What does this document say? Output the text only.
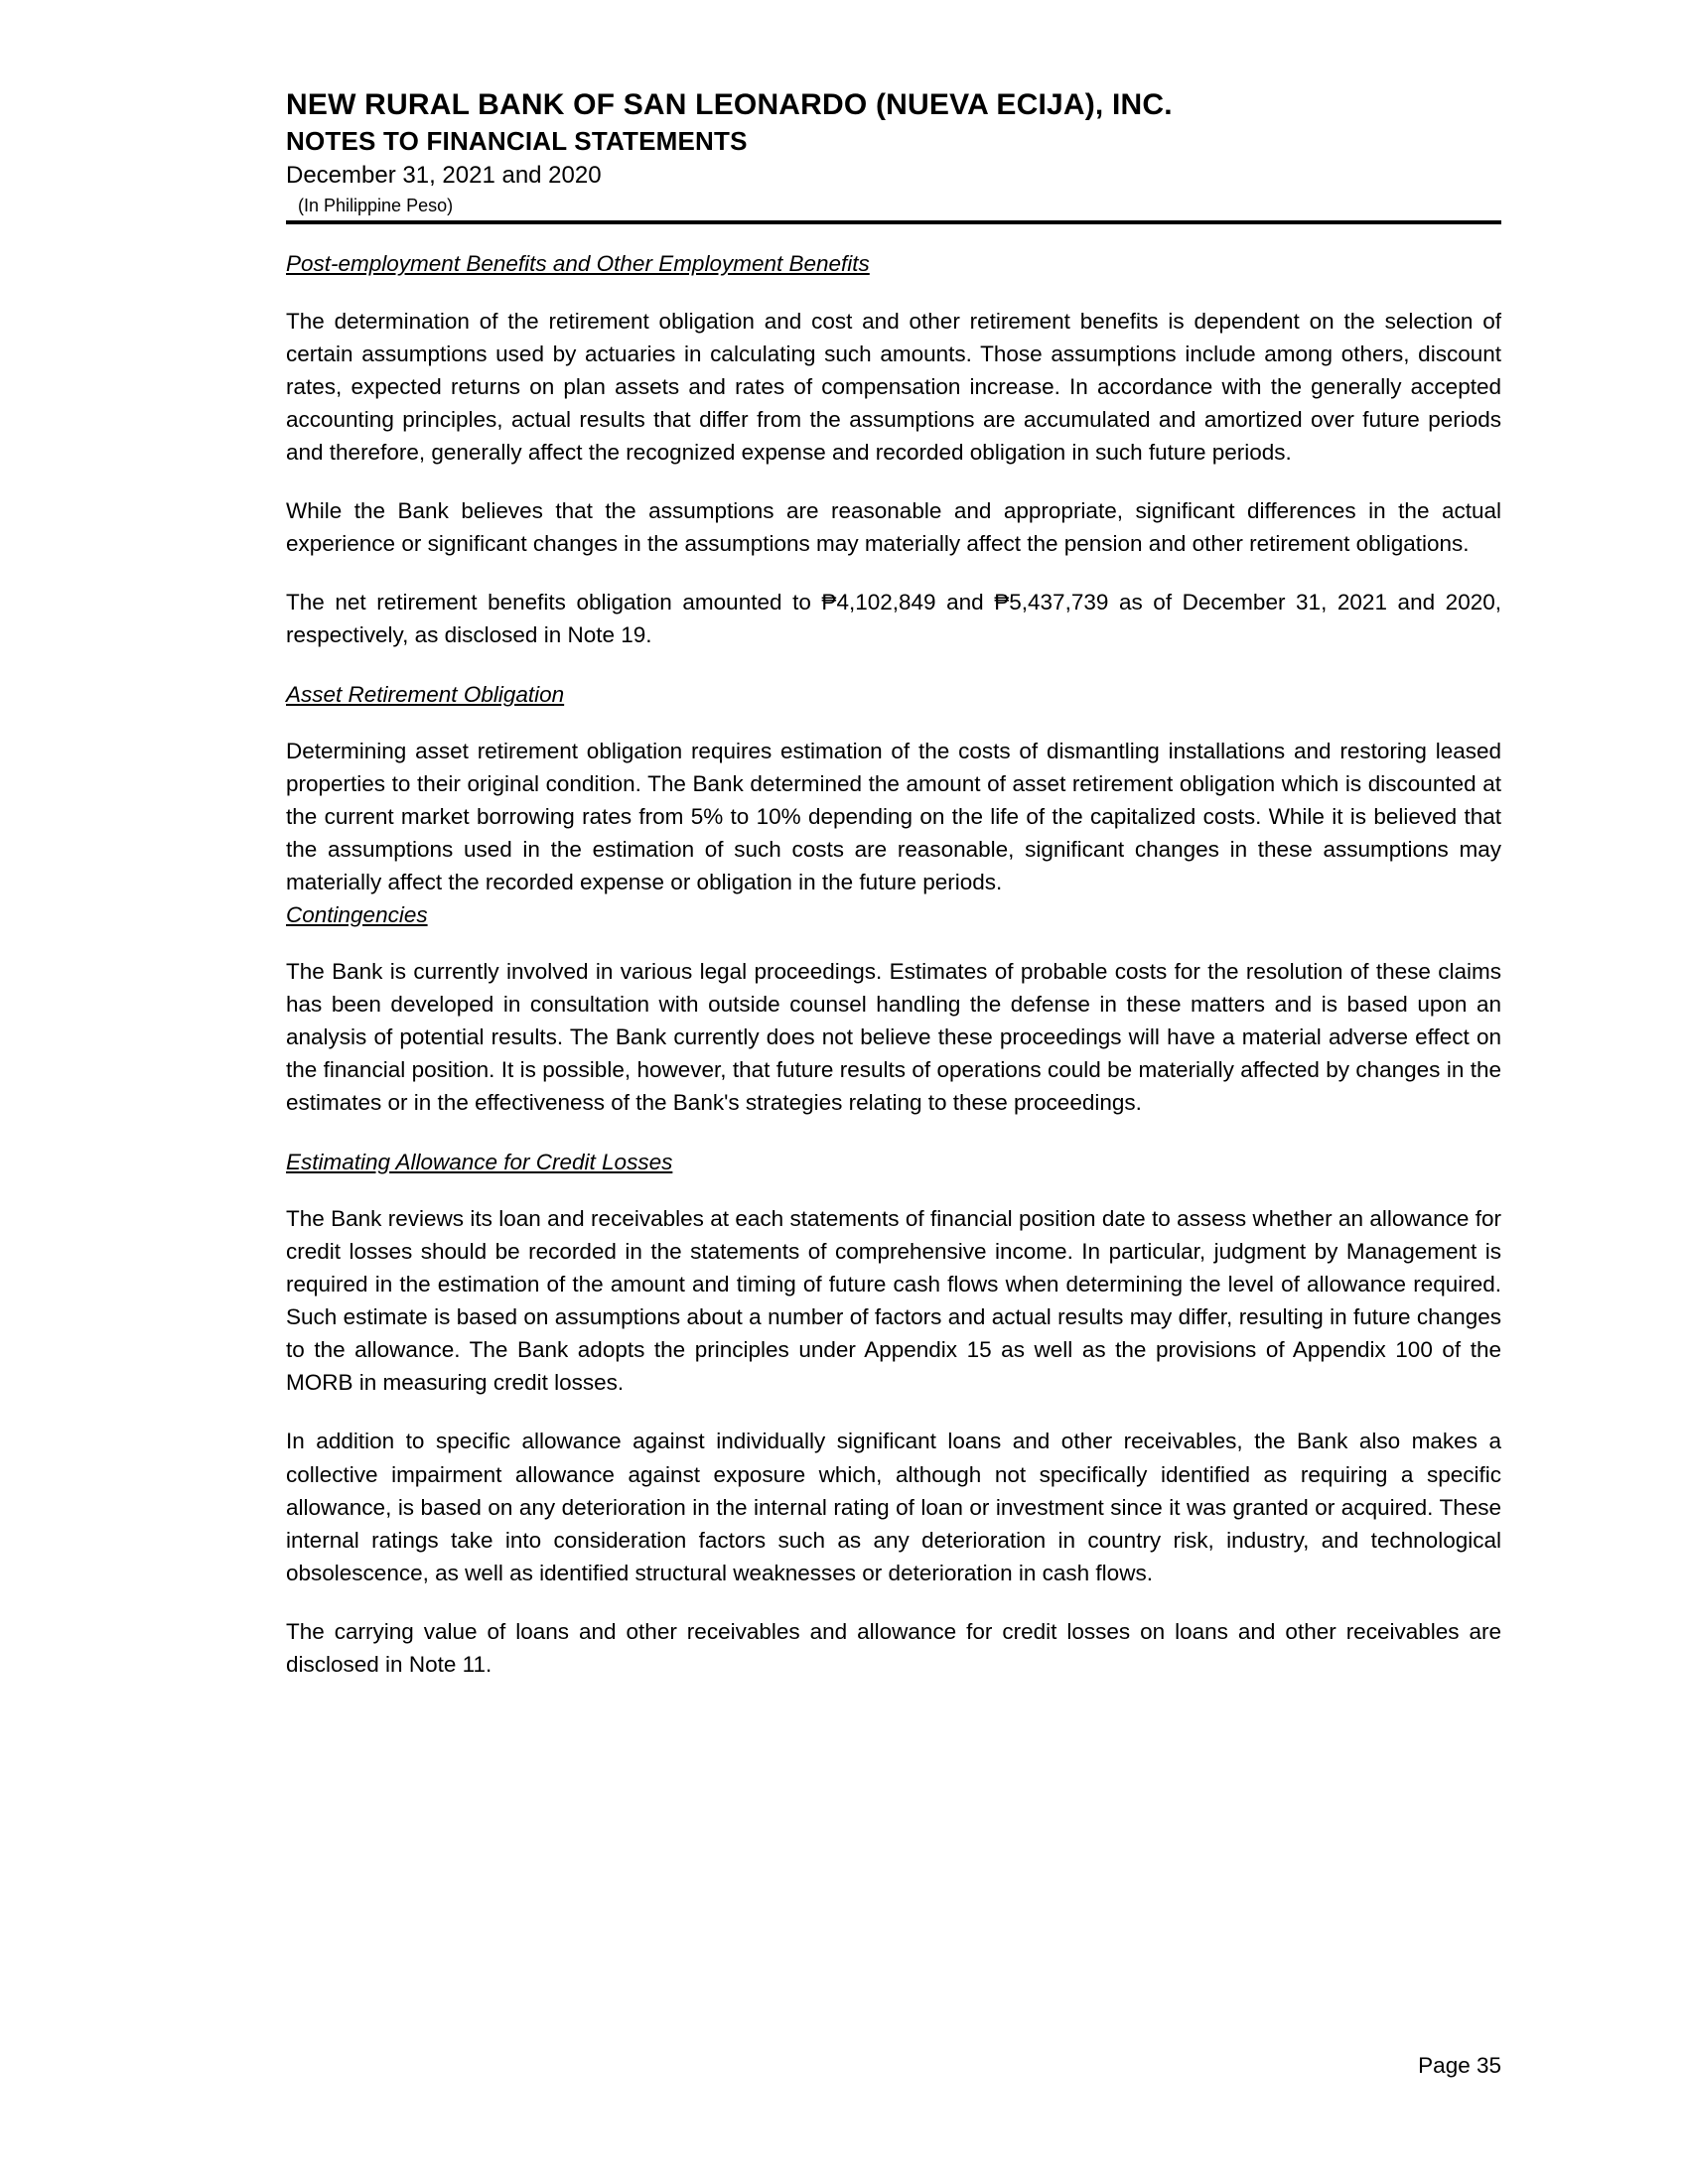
NEW RURAL BANK OF SAN LEONARDO (NUEVA ECIJA), INC.
NOTES TO FINANCIAL STATEMENTS
December 31, 2021 and 2020
(In Philippine Peso)
Post-employment Benefits and Other Employment Benefits

The determination of the retirement obligation and cost and other retirement benefits is dependent on the selection of certain assumptions used by actuaries in calculating such amounts. Those assumptions include among others, discount rates, expected returns on plan assets and rates of compensation increase. In accordance with the generally accepted accounting principles, actual results that differ from the assumptions are accumulated and amortized over future periods and therefore, generally affect the recognized expense and recorded obligation in such future periods.

While the Bank believes that the assumptions are reasonable and appropriate, significant differences in the actual experience or significant changes in the assumptions may materially affect the pension and other retirement obligations.

The net retirement benefits obligation amounted to ₱4,102,849 and ₱5,437,739 as of December 31, 2021 and 2020, respectively, as disclosed in Note 19.

Asset Retirement Obligation

Determining asset retirement obligation requires estimation of the costs of dismantling installations and restoring leased properties to their original condition. The Bank determined the amount of asset retirement obligation which is discounted at the current market borrowing rates from 5% to 10% depending on the life of the capitalized costs. While it is believed that the assumptions used in the estimation of such costs are reasonable, significant changes in these assumptions may materially affect the recorded expense or obligation in the future periods.

Contingencies

The Bank is currently involved in various legal proceedings. Estimates of probable costs for the resolution of these claims has been developed in consultation with outside counsel handling the defense in these matters and is based upon an analysis of potential results. The Bank currently does not believe these proceedings will have a material adverse effect on the financial position. It is possible, however, that future results of operations could be materially affected by changes in the estimates or in the effectiveness of the Bank's strategies relating to these proceedings.

Estimating Allowance for Credit Losses

The Bank reviews its loan and receivables at each statements of financial position date to assess whether an allowance for credit losses should be recorded in the statements of comprehensive income. In particular, judgment by Management is required in the estimation of the amount and timing of future cash flows when determining the level of allowance required. Such estimate is based on assumptions about a number of factors and actual results may differ, resulting in future changes to the allowance. The Bank adopts the principles under Appendix 15 as well as the provisions of Appendix 100 of the MORB in measuring credit losses.

In addition to specific allowance against individually significant loans and other receivables, the Bank also makes a collective impairment allowance against exposure which, although not specifically identified as requiring a specific allowance, is based on any deterioration in the internal rating of loan or investment since it was granted or acquired. These internal ratings take into consideration factors such as any deterioration in country risk, industry, and technological obsolescence, as well as identified structural weaknesses or deterioration in cash flows.

The carrying value of loans and other receivables and allowance for credit losses on loans and other receivables are disclosed in Note 11.

Page 35
